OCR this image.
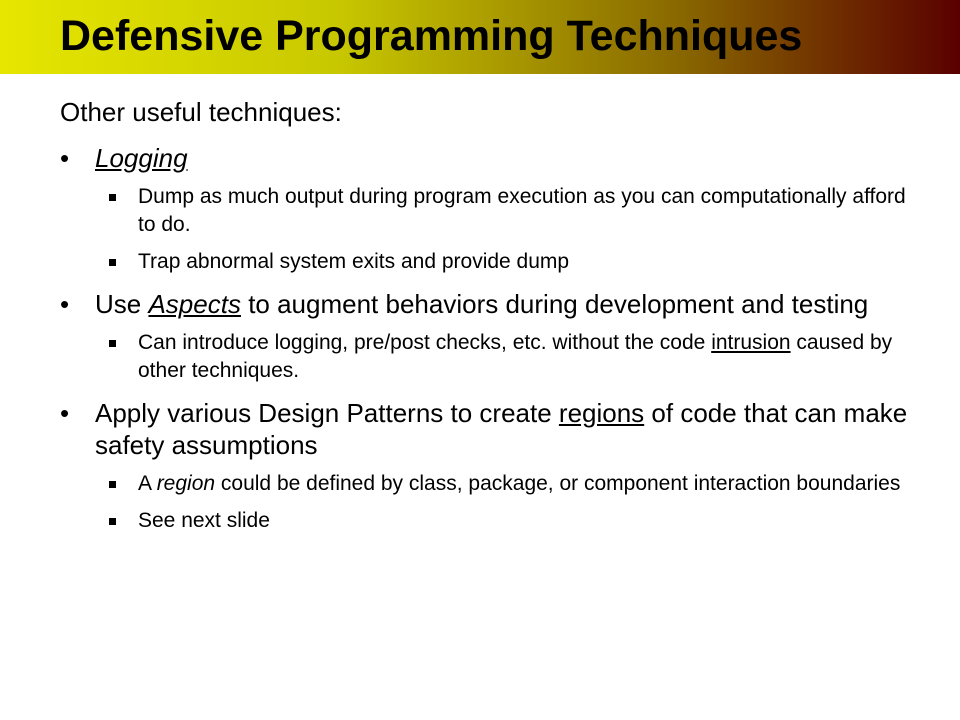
Defensive Programming Techniques
Other useful techniques:
• Logging
Dump as much output during program execution as you can computationally afford to do.
Trap abnormal system exits and provide dump
• Use Aspects to augment behaviors during development and testing
Can introduce logging, pre/post checks, etc. without the code intrusion caused by other techniques.
• Apply various Design Patterns to create regions of code that can make safety assumptions
A region could be defined by class, package, or component interaction boundaries
See next slide
